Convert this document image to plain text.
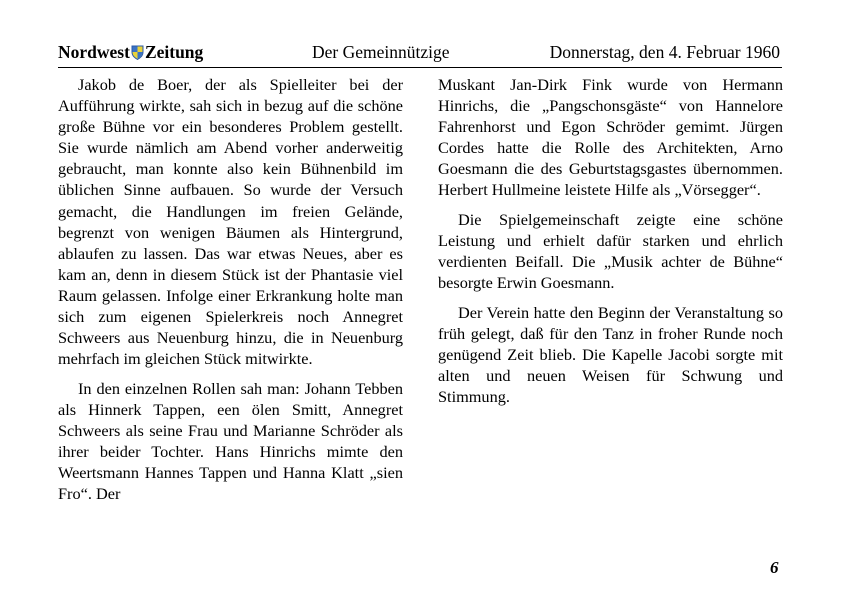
Nordwest Zeitung	Der Gemeinnützige	Donnerstag, den 4. Februar 1960

Jakob de Boer, der als Spielleiter bei der Aufführung wirkte, sah sich in bezug auf die schöne große Bühne vor ein besonderes Problem gestellt. Sie wurde nämlich am Abend vorher anderweitig gebraucht, man konnte also kein Bühnenbild im üblichen Sinne aufbauen. So wurde der Versuch gemacht, die Handlungen im freien Gelände, begrenzt von wenigen Bäumen als Hintergrund, ablaufen zu lassen. Das war etwas Neues, aber es kam an, denn in diesem Stück ist der Phantasie viel Raum gelassen. Infolge einer Erkrankung holte man sich zum eigenen Spielerkreis noch Annegret Schweers aus Neuenburg hinzu, die in Neuenburg mehrfach im gleichen Stück mitwirkte.

In den einzelnen Rollen sah man: Johann Tebben als Hinnerk Tappen, een ölen Smitt, Annegret Schweers als seine Frau und Marianne Schröder als ihrer beider Tochter. Hans Hinrichs mimte den Weertsmann Hannes Tappen und Hanna Klatt „sien Fro“. Der

Muskant Jan-Dirk Fink wurde von Hermann Hinrichs, die „Pangschonsgäste“ von Hannelore Fahrenhorst und Egon Schröder gemimt. Jürgen Cordes hatte die Rolle des Architekten, Arno Goesmann die des Geburtstagsgastes übernommen. Herbert Hullmeine leistete Hilfe als „Vörsegger“.

Die Spielgemeinschaft zeigte eine schöne Leistung und erhielt dafür starken und ehrlich verdienten Beifall. Die „Musik achter de Bühne“ besorgte Erwin Goesmann.

Der Verein hatte den Beginn der Veranstaltung so früh gelegt, daß für den Tanz in froher Runde noch genügend Zeit blieb. Die Kapelle Jacobi sorgte mit alten und neuen Weisen für Schwung und Stimmung.

6
